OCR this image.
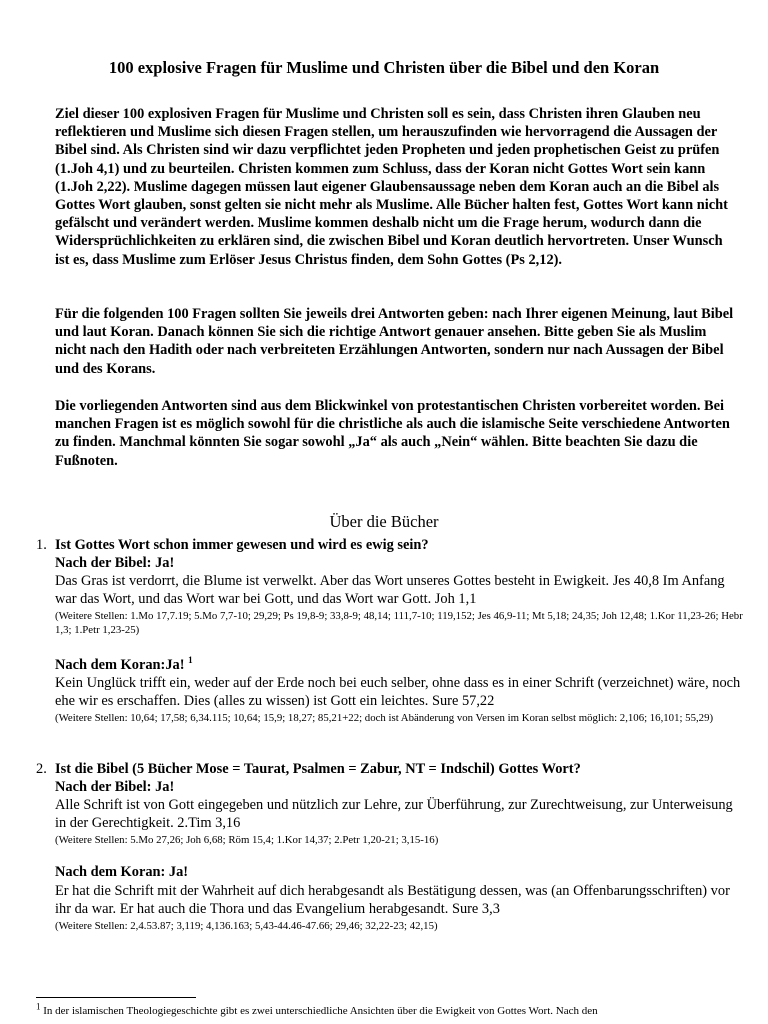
100 explosive Fragen für Muslime und Christen über die Bibel und den Koran

Ziel dieser 100 explosiven Fragen für Muslime und Christen soll es sein, dass Christen ihren Glauben neu reflektieren und Muslime sich diesen Fragen stellen, um herauszufinden wie hervorragend die Aussagen der Bibel sind. Als Christen sind wir dazu verpflichtet jeden Propheten und jeden prophetischen Geist zu prüfen (1.Joh 4,1) und zu beurteilen. Christen kommen zum Schluss, dass der Koran nicht Gottes Wort sein kann (1.Joh 2,22). Muslime dagegen müssen laut eigener Glaubensaussage neben dem Koran auch an die Bibel als Gottes Wort glauben, sonst gelten sie nicht mehr als Muslime. Alle Bücher halten fest, Gottes Wort kann nicht gefälscht und verändert werden. Muslime kommen deshalb nicht um die Frage herum, wodurch dann die Widersprüchlichkeiten zu erklären sind, die zwischen Bibel und Koran deutlich hervortreten. Unser Wunsch ist es, dass Muslime zum Erlöser Jesus Christus finden, dem Sohn Gottes (Ps 2,12).

Für die folgenden 100 Fragen sollten Sie jeweils drei Antworten geben: nach Ihrer eigenen Meinung, laut Bibel und laut Koran. Danach können Sie sich die richtige Antwort genauer ansehen. Bitte geben Sie als Muslim nicht nach den Hadith oder nach verbreiteten Erzählungen Antworten, sondern nur nach Aussagen der Bibel und des Korans.

Die vorliegenden Antworten sind aus dem Blickwinkel von protestantischen Christen vorbereitet worden. Bei manchen Fragen ist es möglich sowohl für die christliche als auch die islamische Seite verschiedene Antworten zu finden. Manchmal könnten Sie sogar sowohl „Ja“ als auch „Nein“ wählen. Bitte beachten Sie dazu die Fußnoten.

Über die Bücher
1. Ist Gottes Wort schon immer gewesen und wird es ewig sein?
Nach der Bibel: Ja!

Das Gras ist verdorrt, die Blume ist verwelkt. Aber das Wort unseres Gottes besteht in Ewigkeit. Jes 40,8 Im Anfang war das Wort, und das Wort war bei Gott, und das Wort war Gott. Joh 1,1

(Weitere Stellen: 1.Mo 17,7.19; 5.Mo 7,7-10; 29,29; Ps 19,8-9; 33,8-9; 48,14; 111,7-10; 119,152; Jes 46,9-11; Mt 5,18; 24,35; Joh 12,48; 1.Kor 11,23-26; Hebr 1,3; 1.Petr 1,23-25)

Nach dem Koran:Ja! $^1$

Kein Unglück trifft ein, weder auf der Erde noch bei euch selber, ohne dass es in einer Schrift (verzeichnet) wäre, noch ehe wir es erschaffen. Dies (alles zu wissen) ist Gott ein leichtes. Sure 57,22

(Weitere Stellen: 10,64; 17,58; 6,34.115; 10,64; 15,9; 18,27; 85,21+22; doch ist Abänderung von Versen im Koran selbst möglich: 2,106; 16,101; 55,29)

2. Ist die Bibel (5 Bücher Mose = Taurat, Psalmen = Zabur, NT = Indschil) Gottes Wort?
Nach der Bibel: Ja!

Alle Schrift ist von Gott eingegeben und nützlich zur Lehre, zur Überführung, zur Zurechtweisung, zur Unterweisung in der Gerechtigkeit. 2.Tim 3,16

(Weitere Stellen: 5.Mo 27,26; Joh 6,68; Röm 15,4; 1.Kor 14,37; 2.Petr 1,20-21; 3,15-16)

Nach dem Koran: Ja!

Er hat die Schrift mit der Wahrheit auf dich herabgesandt als Bestätigung dessen, was (an Offenbarungsschriften) vor ihr da war. Er hat auch die Thora und das Evangelium herabgesandt. Sure 3,3

(Weitere Stellen: 2,4.53.87; 3,119; 4,136.163; 5,43-44.46-47.66; 29,46; 32,22-23; 42,15)

$^1$ In der islamischen Theologiegeschichte gibt es zwei unterschiedliche Ansichten über die Ewigkeit von Gottes Wort. Nach den
